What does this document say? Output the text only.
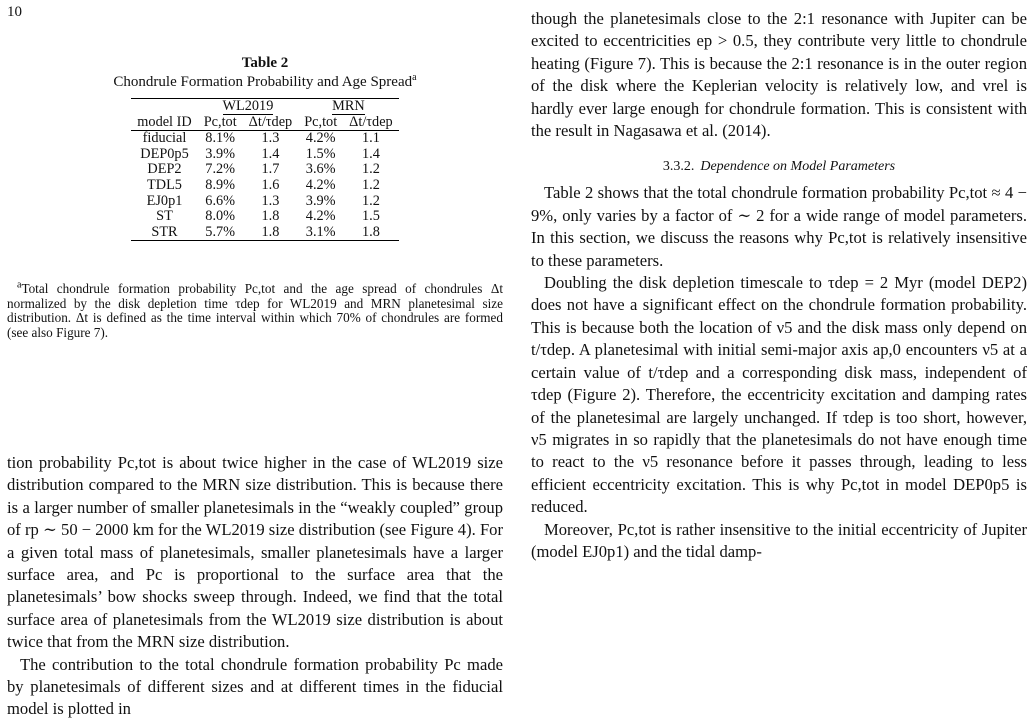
10
Table 2
Chondrule Formation Probability and Age Spread$^a$
	WL2019		MRN	
model ID	Pc,tot	Δt/τdep	Pc,tot	Δt/τdep
fiducial	8.1%	1.3	4.2%	1.1
DEP0p5	3.9%	1.4	1.5%	1.4
DEP2	7.2%	1.7	3.6%	1.2
TDL5	8.9%	1.6	4.2%	1.2
EJ0p1	6.6%	1.3	3.9%	1.2
ST	8.0%	1.8	4.2%	1.5
STR	5.7%	1.8	3.1%	1.8
$^a$Total chondrule formation probability Pc,tot and the age spread of chondrules Δt normalized by the disk depletion time τdep for WL2019 and MRN planetesimal size distribution. Δt is defined as the time interval within which 70% of chondrules are formed (see also Figure 7).

tion probability Pc,tot is about twice higher in the case of WL2019 size distribution compared to the MRN size distribution. This is because there is a larger number of smaller planetesimals in the “weakly coupled” group of rp ∼ 50 − 2000 km for the WL2019 size distribution (see Figure 4). For a given total mass of planetesimals, smaller planetesimals have a larger surface area, and Pc is proportional to the surface area that the planetesimals’ bow shocks sweep through. Indeed, we find that the total surface area of planetesimals from the WL2019 size distribution is about twice that from the MRN size distribution.

The contribution to the total chondrule formation probability Pc made by planetesimals of different sizes and at different times in the fiducial model is plotted in

though the planetesimals close to the 2:1 resonance with Jupiter can be excited to eccentricities ep > 0.5, they contribute very little to chondrule heating (Figure 7). This is because the 2:1 resonance is in the outer region of the disk where the Keplerian velocity is relatively low, and vrel is hardly ever large enough for chondrule formation. This is consistent with the result in Nagasawa et al. (2014).

3.3.2. Dependence on Model Parameters

Table 2 shows that the total chondrule formation probability Pc,tot ≈ 4 − 9%, only varies by a factor of ∼ 2 for a wide range of model parameters. In this section, we discuss the reasons why Pc,tot is relatively insensitive to these parameters.

Doubling the disk depletion timescale to τdep = 2 Myr (model DEP2) does not have a significant effect on the chondrule formation probability. This is because both the location of ν5 and the disk mass only depend on t/τdep. A planetesimal with initial semi-major axis ap,0 encounters ν5 at a certain value of t/τdep and a corresponding disk mass, independent of τdep (Figure 2). Therefore, the eccentricity excitation and damping rates of the planetesimal are largely unchanged. If τdep is too short, however, ν5 migrates in so rapidly that the planetesimals do not have enough time to react to the ν5 resonance before it passes through, leading to less efficient eccentricity excitation. This is why Pc,tot in model DEP0p5 is reduced.

Moreover, Pc,tot is rather insensitive to the initial eccentricity of Jupiter (model EJ0p1) and the tidal damp-
